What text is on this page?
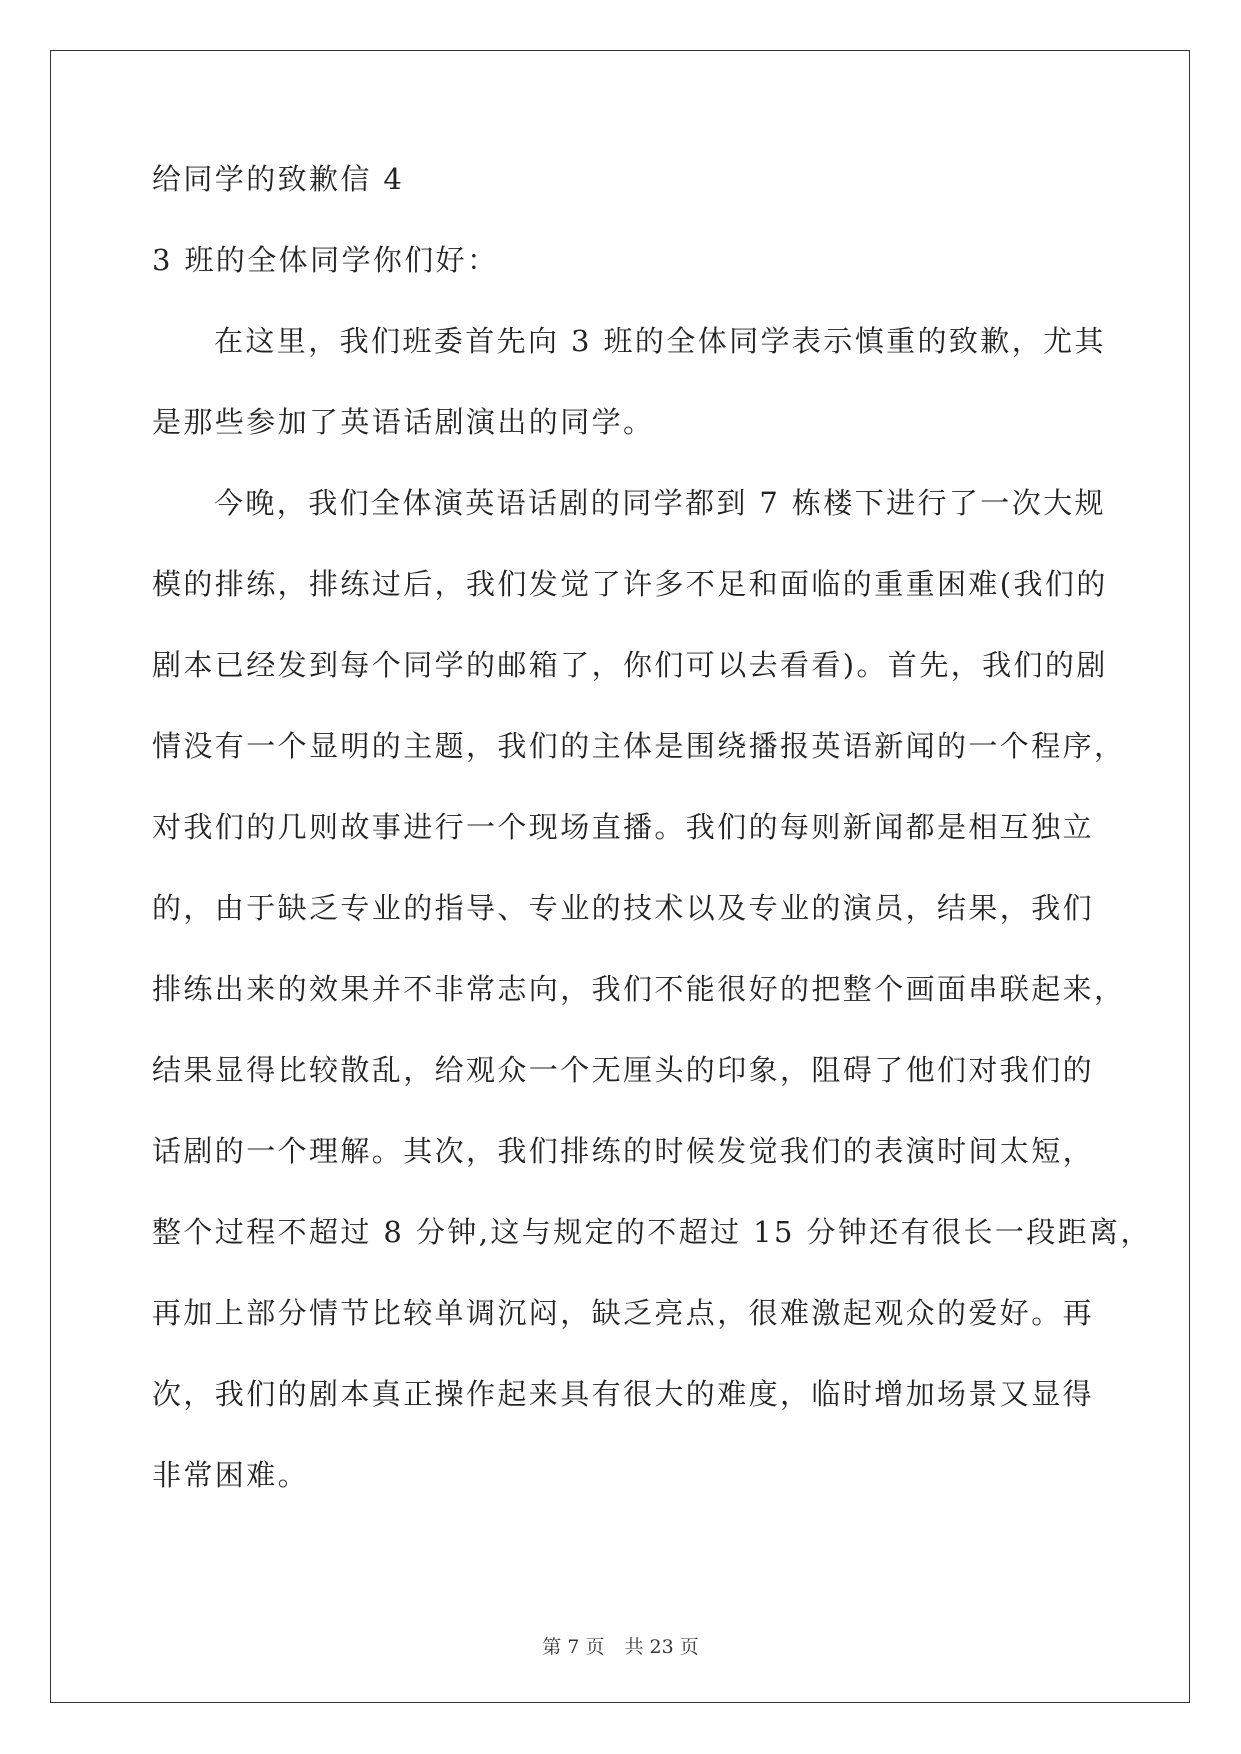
给同学的致歉信 4
3 班的全体同学你们好：
在这里，我们班委首先向 3 班的全体同学表示慎重的致歉，尤其
是那些参加了英语话剧演出的同学。
今晚，我们全体演英语话剧的同学都到 7 栋楼下进行了一次大规
模的排练，排练过后，我们发觉了许多不足和面临的重重困难(我们的
剧本已经发到每个同学的邮箱了，你们可以去看看)。首先，我们的剧
情没有一个显明的主题，我们的主体是围绕播报英语新闻的一个程序，
对我们的几则故事进行一个现场直播。我们的每则新闻都是相互独立
的，由于缺乏专业的指导、专业的技术以及专业的演员，结果，我们
排练出来的效果并不非常志向，我们不能很好的把整个画面串联起来，
结果显得比较散乱，给观众一个无厘头的印象，阻碍了他们对我们的
话剧的一个理解。其次，我们排练的时候发觉我们的表演时间太短，
整个过程不超过 8 分钟,这与规定的不超过 15 分钟还有很长一段距离，
再加上部分情节比较单调沉闷，缺乏亮点，很难激起观众的爱好。再
次，我们的剧本真正操作起来具有很大的难度，临时增加场景又显得
非常困难。
第 7 页 共 23 页
